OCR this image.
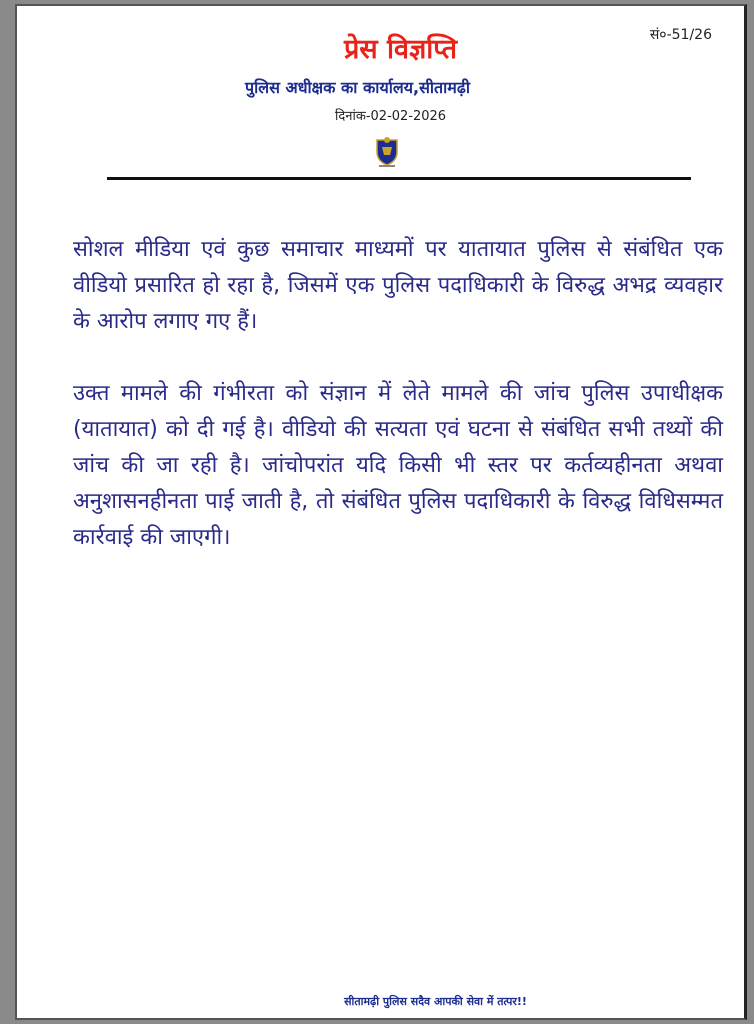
सं०-51/26
प्रेस विज्ञप्ति
पुलिस अधीक्षक का कार्यालय,सीतामढ़ी
दिनांक-02-02-2026

सोशल मीडिया एवं कुछ समाचार माध्यमों पर यातायात पुलिस से संबंधित एक वीडियो प्रसारित हो रहा है, जिसमें एक पुलिस पदाधिकारी के विरुद्ध अभद्र व्यवहार के आरोप लगाए गए हैं।

उक्त मामले की गंभीरता को संज्ञान में लेते मामले की जांच पुलिस उपाधीक्षक (यातायात) को दी गई है। वीडियो की सत्यता एवं घटना से संबंधित सभी तथ्यों की जांच की जा रही है। जांचोपरांत यदि किसी भी स्तर पर कर्तव्यहीनता अथवा अनुशासनहीनता पाई जाती है, तो संबंधित पुलिस पदाधिकारी के विरुद्ध विधिसम्मत कार्रवाई की जाएगी।

सीतामढ़ी पुलिस सदैव आपकी सेवा में तत्पर!!
